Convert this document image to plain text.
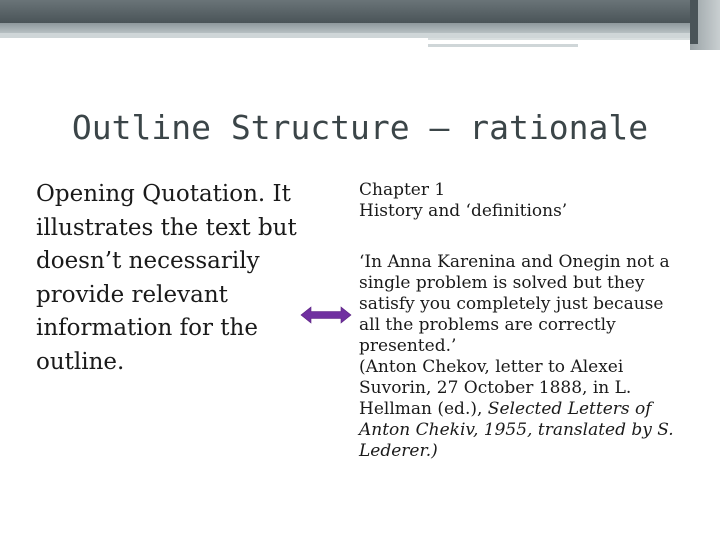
Outline Structure – rationale
Opening Quotation. It illustrates the text but doesn’t necessarily provide relevant information for the outline.
Chapter 1
History and ‘definitions’
‘In Anna Karenina and Onegin not a single problem is solved but they satisfy you completely just because all the problems are correctly presented.’
(Anton Chekov, letter to Alexei Suvorin, 27 October 1888, in L. Hellman (ed.), Selected Letters of Anton Chekiv, 1955, translated by S. Lederer.)
